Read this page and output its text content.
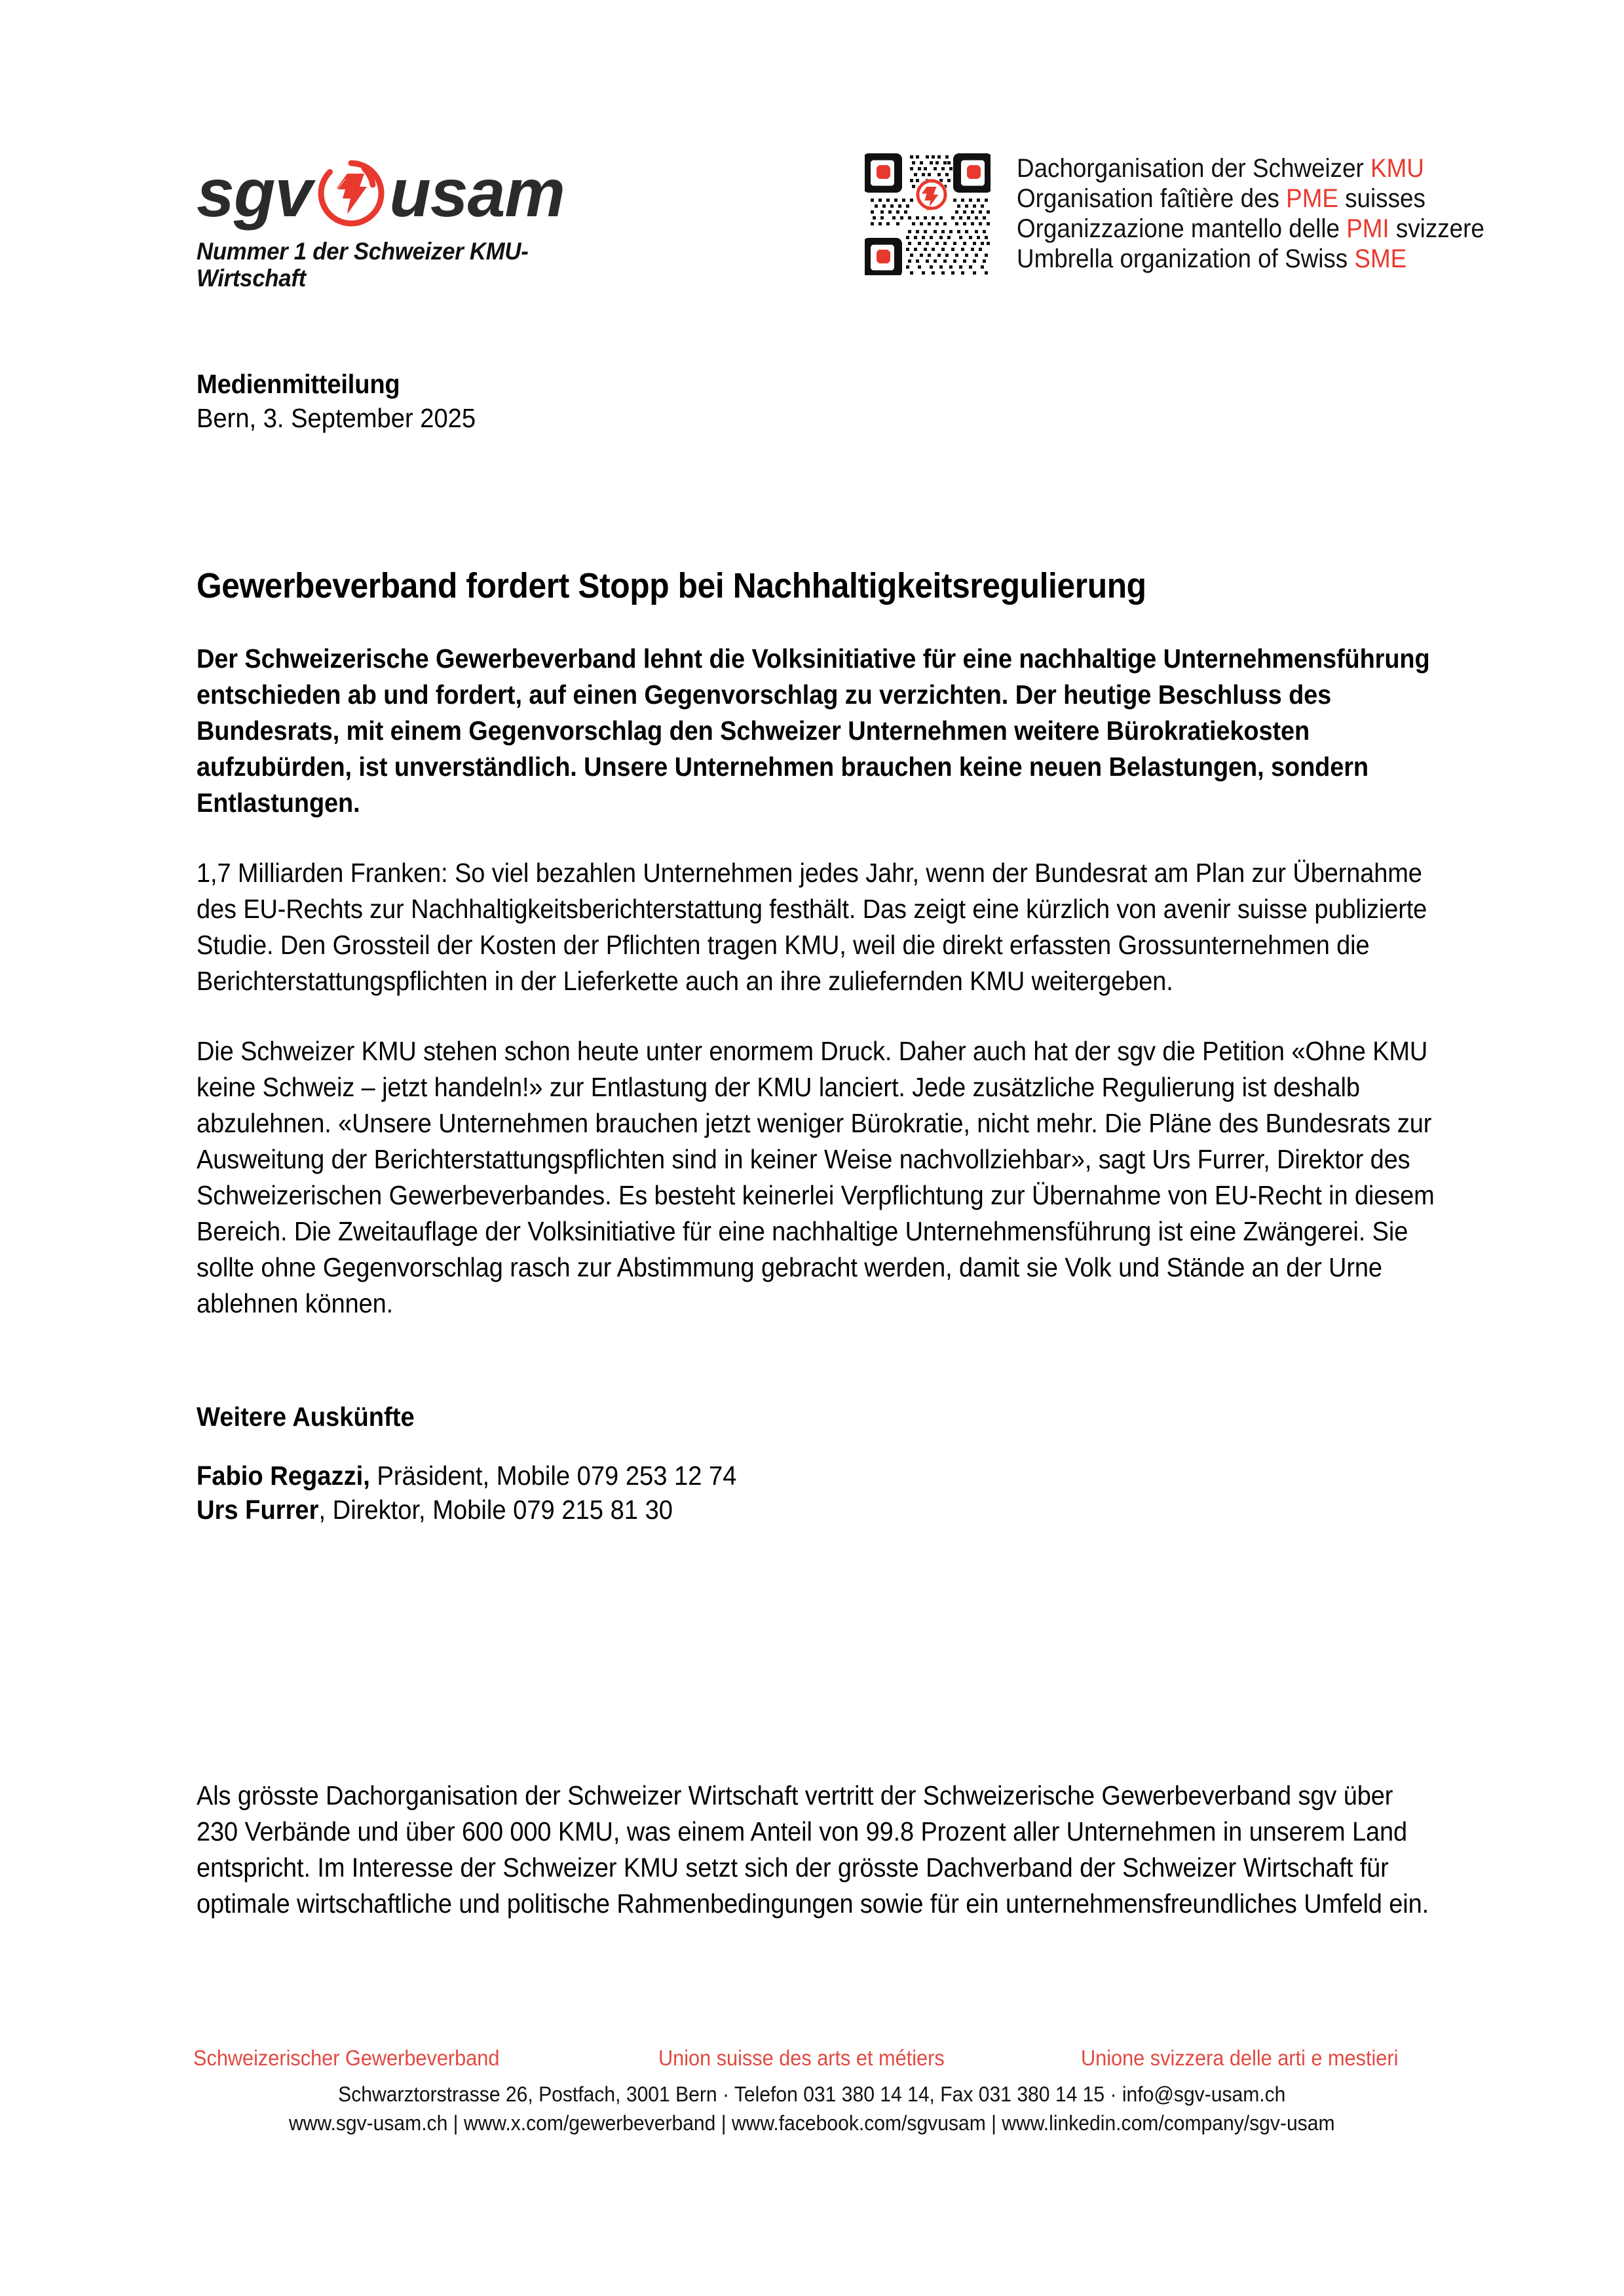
sgv usam
Nummer 1 der Schweizer KMU-Wirtschaft
Dachorganisation der Schweizer KMU
Organisation faîtière des PME suisses
Organizzazione mantello delle PMI svizzere
Umbrella organization of Swiss SME
Medienmitteilung
Bern, 3. September 2025
Gewerbeverband fordert Stopp bei Nachhaltigkeitsregulierung

Der Schweizerische Gewerbeverband lehnt die Volksinitiative für eine nachhaltige Unternehmensführung entschieden ab und fordert, auf einen Gegenvorschlag zu verzichten. Der heutige Beschluss des Bundesrats, mit einem Gegenvorschlag den Schweizer Unternehmen weitere Bürokratiekosten aufzubürden, ist unverständlich. Unsere Unternehmen brauchen keine neuen Belastungen, sondern Entlastungen.

1,7 Milliarden Franken: So viel bezahlen Unternehmen jedes Jahr, wenn der Bundesrat am Plan zur Übernahme des EU-Rechts zur Nachhaltigkeitsberichterstattung festhält. Das zeigt eine kürzlich von avenir suisse publizierte Studie. Den Grossteil der Kosten der Pflichten tragen KMU, weil die direkt erfassten Grossunternehmen die Berichterstattungspflichten in der Lieferkette auch an ihre zuliefernden KMU weitergeben.

Die Schweizer KMU stehen schon heute unter enormem Druck. Daher auch hat der sgv die Petition «Ohne KMU keine Schweiz – jetzt handeln!» zur Entlastung der KMU lanciert. Jede zusätzliche Regulierung ist deshalb abzulehnen. «Unsere Unternehmen brauchen jetzt weniger Bürokratie, nicht mehr. Die Pläne des Bundesrats zur Ausweitung der Berichterstattungspflichten sind in keiner Weise nachvollziehbar», sagt Urs Furrer, Direktor des Schweizerischen Gewerbeverbandes. Es besteht keinerlei Verpflichtung zur Übernahme von EU-Recht in diesem Bereich. Die Zweitauflage der Volksinitiative für eine nachhaltige Unternehmensführung ist eine Zwängerei. Sie sollte ohne Gegenvorschlag rasch zur Abstimmung gebracht werden, damit sie Volk und Stände an der Urne ablehnen können.

Weitere Auskünfte
Fabio Regazzi, Präsident, Mobile 079 253 12 74
Urs Furrer, Direktor, Mobile 079 215 81 30

Als grösste Dachorganisation der Schweizer Wirtschaft vertritt der Schweizerische Gewerbeverband sgv über 230 Verbände und über 600 000 KMU, was einem Anteil von 99.8 Prozent aller Unternehmen in unserem Land entspricht. Im Interesse der Schweizer KMU setzt sich der grösste Dachverband der Schweizer Wirtschaft für optimale wirtschaftliche und politische Rahmenbedingungen sowie für ein unternehmensfreundliches Umfeld ein.

Schweizerischer Gewerbeverband	Union suisse des arts et métiers	Unione svizzera delle arti e mestieri
Schwarztorstrasse 26, Postfach, 3001 Bern · Telefon 031 380 14 14, Fax 031 380 14 15 · info@sgv-usam.ch
www.sgv-usam.ch | www.x.com/gewerbeverband | www.facebook.com/sgvusam | www.linkedin.com/company/sgv-usam
